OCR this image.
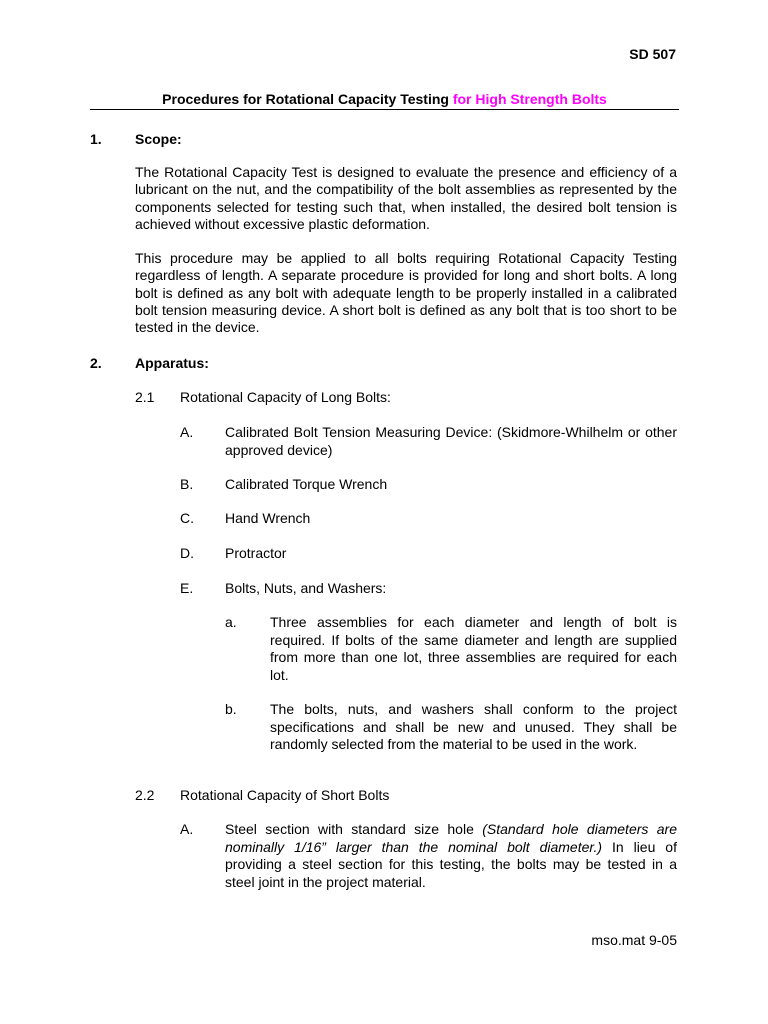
SD 507
Procedures for Rotational Capacity Testing for High Strength Bolts
1. Scope:
The Rotational Capacity Test is designed to evaluate the presence and efficiency of a lubricant on the nut, and the compatibility of the bolt assemblies as represented by the components selected for testing such that, when installed, the desired bolt tension is achieved without excessive plastic deformation.
This procedure may be applied to all bolts requiring Rotational Capacity Testing regardless of length. A separate procedure is provided for long and short bolts. A long bolt is defined as any bolt with adequate length to be properly installed in a calibrated bolt tension measuring device. A short bolt is defined as any bolt that is too short to be tested in the device.
2. Apparatus:
2.1 Rotational Capacity of Long Bolts:
A. Calibrated Bolt Tension Measuring Device: (Skidmore-Whilhelm or other approved device)
B. Calibrated Torque Wrench
C. Hand Wrench
D. Protractor
E. Bolts, Nuts, and Washers:
a. Three assemblies for each diameter and length of bolt is required. If bolts of the same diameter and length are supplied from more than one lot, three assemblies are required for each lot.
b. The bolts, nuts, and washers shall conform to the project specifications and shall be new and unused. They shall be randomly selected from the material to be used in the work.
2.2 Rotational Capacity of Short Bolts
A. Steel section with standard size hole (Standard hole diameters are nominally 1/16” larger than the nominal bolt diameter.) In lieu of providing a steel section for this testing, the bolts may be tested in a steel joint in the project material.
mso.mat 9-05
